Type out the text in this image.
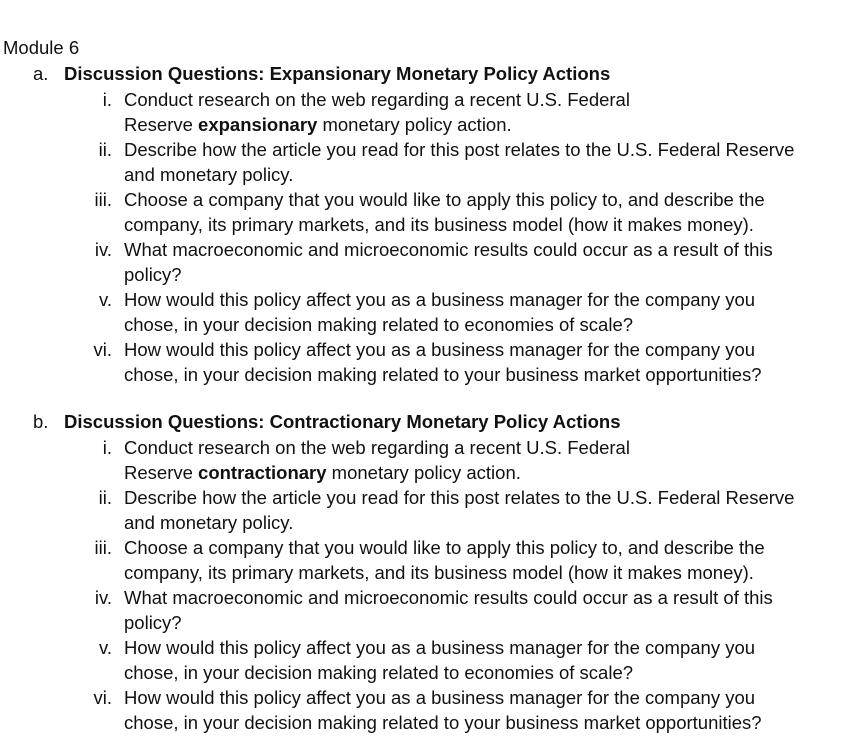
Module 6
a. Discussion Questions: Expansionary Monetary Policy Actions
i. Conduct research on the web regarding a recent U.S. Federal
Reserve expansionary monetary policy action.
ii. Describe how the article you read for this post relates to the U.S. Federal Reserve
and monetary policy.
iii. Choose a company that you would like to apply this policy to, and describe the
company, its primary markets, and its business model (how it makes money).
iv. What macroeconomic and microeconomic results could occur as a result of this
policy?
v. How would this policy affect you as a business manager for the company you
chose, in your decision making related to economies of scale?
vi. How would this policy affect you as a business manager for the company you
chose, in your decision making related to your business market opportunities?
b. Discussion Questions: Contractionary Monetary Policy Actions
i. Conduct research on the web regarding a recent U.S. Federal
Reserve contractionary monetary policy action.
ii. Describe how the article you read for this post relates to the U.S. Federal Reserve
and monetary policy.
iii. Choose a company that you would like to apply this policy to, and describe the
company, its primary markets, and its business model (how it makes money).
iv. What macroeconomic and microeconomic results could occur as a result of this
policy?
v. How would this policy affect you as a business manager for the company you
chose, in your decision making related to economies of scale?
vi. How would this policy affect you as a business manager for the company you
chose, in your decision making related to your business market opportunities?
